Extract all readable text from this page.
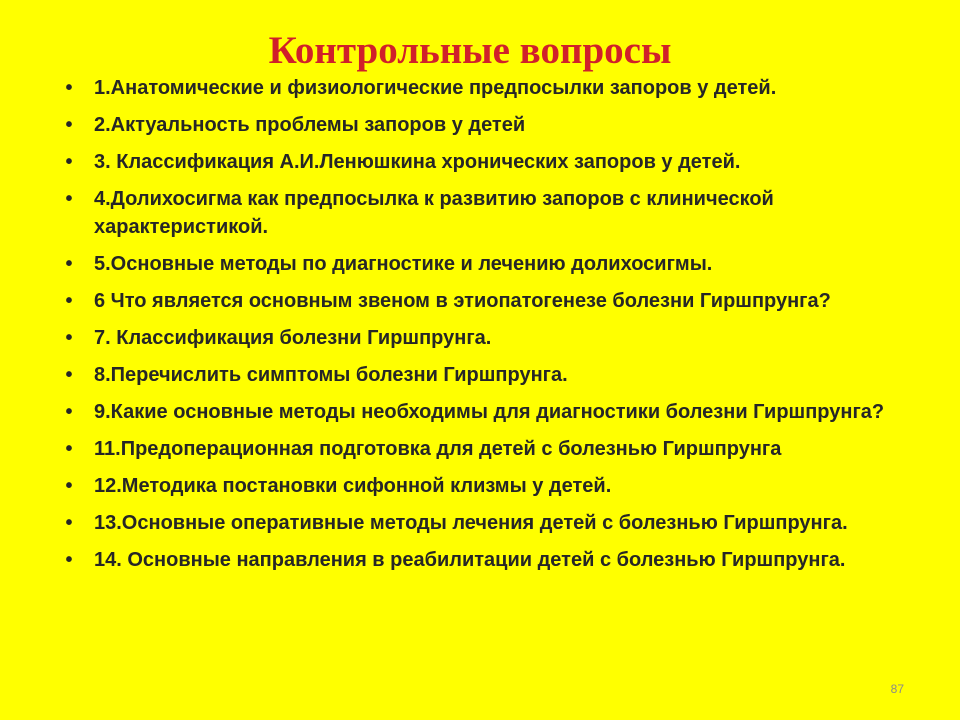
Контрольные вопросы
• 1.Анатомические и физиологические предпосылки запоров у детей.
• 2.Актуальность проблемы запоров у детей
• 3. Классификация А.И.Ленюшкина хронических запоров у детей.
• 4.Долихосигма как предпосылка к развитию запоров с клинической характеристикой.
• 5.Основные методы по диагностике и лечению долихосигмы.
• 6 Что является основным звеном в этиопатогенезе болезни Гиршпрунга?
• 7. Классификация болезни Гиршпрунга.
• 8.Перечислить симптомы болезни Гиршпрунга.
• 9.Какие основные методы необходимы для диагностики болезни Гиршпрунга?
• 11.Предоперационная подготовка для детей с болезнью Гиршпрунга
• 12.Методика постановки сифонной клизмы у детей.
• 13.Основные оперативные методы лечения детей с болезнью Гиршпрунга.
• 14. Основные направления в реабилитации детей с болезнью Гиршпрунга.
87
